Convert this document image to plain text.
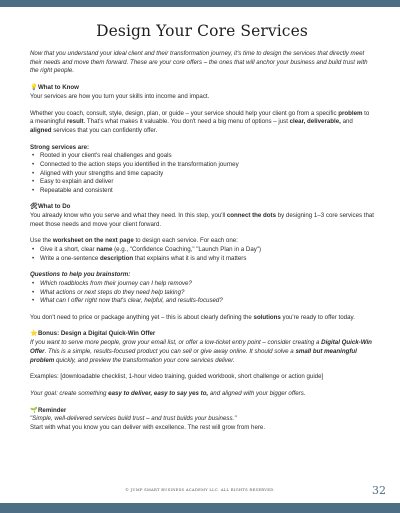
Design Your Core Services

Now that you understand your ideal client and their transformation journey, it's time to design the services that directly meet their needs and move them forward. These are your core offers – the ones that will anchor your business and build trust with the right people.

💡What to Know

Your services are how you turn your skills into income and impact.

Whether you coach, consult, style, design, plan, or guide – your service should help your client go from a specific problem to a meaningful result. That's what makes it valuable. You don't need a big menu of options – just clear, deliverable, and aligned services that you can confidently offer.

Strong services are:
• Rooted in your client's real challenges and goals
• Connected to the action steps you identified in the transformation journey
• Aligned with your strengths and time capacity
• Easy to explain and deliver
• Repeatable and consistent
🛠What to Do

You already know who you serve and what they need. In this step, you'll connect the dots by designing 1–3 core services that meet those needs and move your client forward.

Use the worksheet on the next page to design each service. For each one:

• Give it a short, clear name (e.g., "Confidence Coaching," "Launch Plan in a Day")
• Write a one-sentence description that explains what it is and why it matters
Questions to help you brainstorm:
• Which roadblocks from their journey can I help remove?
• What actions or next steps do they need help taking?
• What can I offer right now that's clear, helpful, and results-focused?

You don't need to price or package anything yet – this is about clearly defining the solutions you're ready to offer today.

⭐Bonus: Design a Digital Quick-Win Offer

If you want to serve more people, grow your email list, or offer a low-ticket entry point – consider creating a Digital Quick-Win Offer. This is a simple, results-focused product you can sell or give away online. It should solve a small but meaningful problem quickly, and preview the transformation your core services deliver.

Examples: [downloadable checklist, 1-hour video training, guided workbook, short challenge or action guide]

Your goal: create something easy to deliver, easy to say yes to, and aligned with your bigger offers.

🌱Reminder

"Simple, well-delivered services build trust – and trust builds your business."

Start with what you know you can deliver with excellence. The rest will grow from here.

© JUMP SMART BUSINESS ACADEMY LLC. ALL RIGHTS RESERVED.	32
